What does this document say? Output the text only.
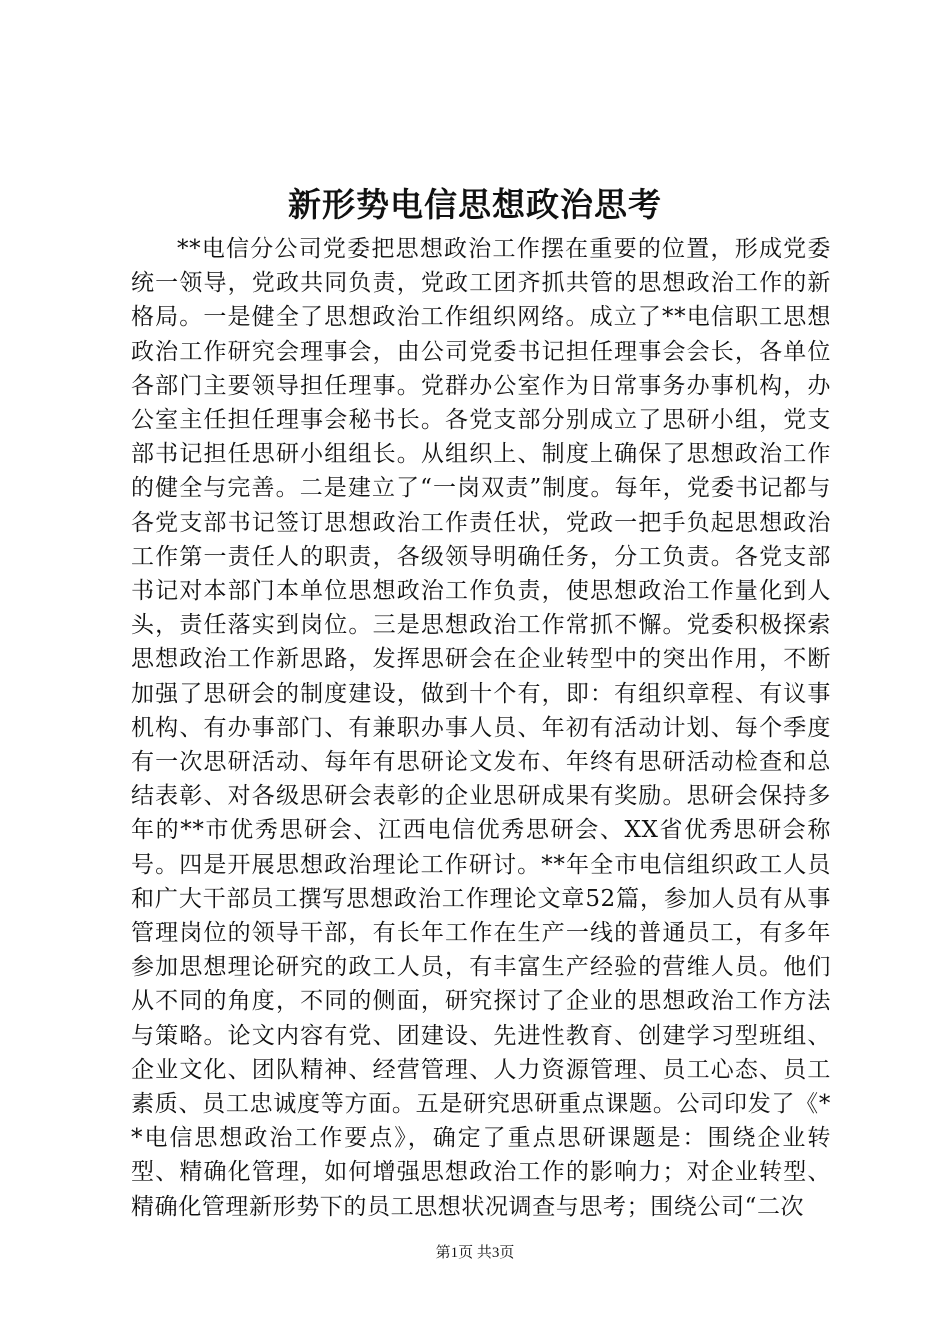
新形势电信思想政治思考

**电信分公司党委把思想政治工作摆在重要的位置，形成党委统一领导，党政共同负责，党政工团齐抓共管的思想政治工作的新格局。一是健全了思想政治工作组织网络。成立了**电信职工思想政治工作研究会理事会，由公司党委书记担任理事会会长，各单位各部门主要领导担任理事。党群办公室作为日常事务办事机构，办公室主任担任理事会秘书长。各党支部分别成立了思研小组，党支部书记担任思研小组组长。从组织上、制度上确保了思想政治工作的健全与完善。二是建立了“一岗双责”制度。每年，党委书记都与各党支部书记签订思想政治工作责任状，党政一把手负起思想政治工作第一责任人的职责，各级领导明确任务，分工负责。各党支部书记对本部门本单位思想政治工作负责，使思想政治工作量化到人头，责任落实到岗位。三是思想政治工作常抓不懈。党委积极探索思想政治工作新思路，发挥思研会在企业转型中的突出作用，不断加强了思研会的制度建设，做到十个有，即：有组织章程、有议事机构、有办事部门、有兼职办事人员、年初有活动计划、每个季度有一次思研活动、每年有思研论文发布、年终有思研活动检查和总结表彰、对各级思研会表彰的企业思研成果有奖励。思研会保持多年的**市优秀思研会、江西电信优秀思研会、XX省优秀思研会称号。四是开展思想政治理论工作研讨。**年全市电信组织政工人员和广大干部员工撰写思想政治工作理论文章52篇，参加人员有从事管理岗位的领导干部，有长年工作在生产一线的普通员工，有多年参加思想理论研究的政工人员，有丰富生产经验的营维人员。他们从不同的角度，不同的侧面，研究探讨了企业的思想政治工作方法与策略。论文内容有党、团建设、先进性教育、创建学习型班组、企业文化、团队精神、经营管理、人力资源管理、员工心态、员工素质、员工忠诚度等方面。五是研究思研重点课题。公司印发了《**电信思想政治工作要点》，确定了重点思研课题是：围绕企业转型、精确化管理，如何增强思想政治工作的影响力；对企业转型、精确化管理新形势下的员工思想状况调查与思考；围绕公司“二次

第1页 共3页
